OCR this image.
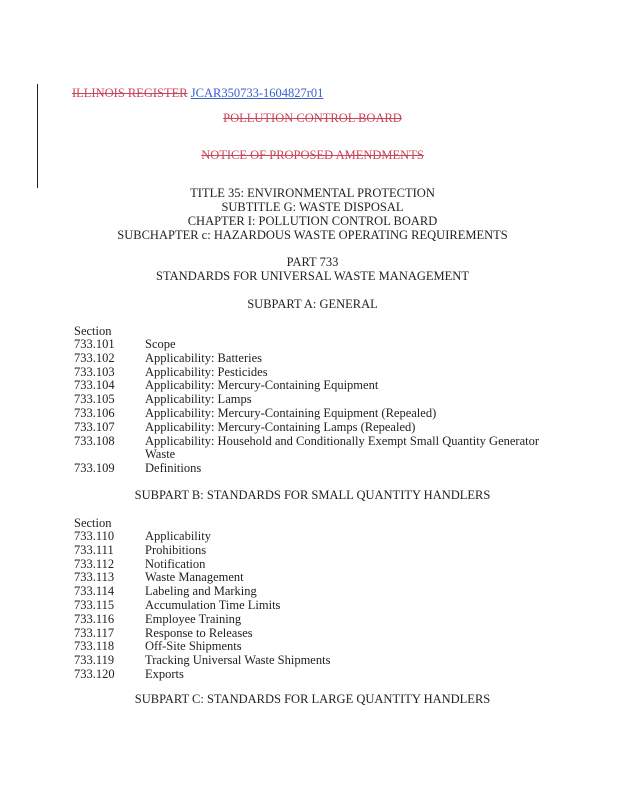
ILLINOIS REGISTER JCAR350733-1604827r01
POLLUTION CONTROL BOARD
NOTICE OF PROPOSED AMENDMENTS
TITLE 35: ENVIRONMENTAL PROTECTION
SUBTITLE G: WASTE DISPOSAL
CHAPTER I: POLLUTION CONTROL BOARD
SUBCHAPTER c: HAZARDOUS WASTE OPERATING REQUIREMENTS
PART 733
STANDARDS FOR UNIVERSAL WASTE MANAGEMENT
SUBPART A: GENERAL
Section
733.101	Scope
733.102	Applicability: Batteries
733.103	Applicability: Pesticides
733.104	Applicability: Mercury-Containing Equipment
733.105	Applicability: Lamps
733.106	Applicability: Mercury-Containing Equipment (Repealed)
733.107	Applicability: Mercury-Containing Lamps (Repealed)
733.108	Applicability: Household and Conditionally Exempt Small Quantity Generator Waste
733.109	Definitions
SUBPART B: STANDARDS FOR SMALL QUANTITY HANDLERS
Section
733.110	Applicability
733.111	Prohibitions
733.112	Notification
733.113	Waste Management
733.114	Labeling and Marking
733.115	Accumulation Time Limits
733.116	Employee Training
733.117	Response to Releases
733.118	Off-Site Shipments
733.119	Tracking Universal Waste Shipments
733.120	Exports
SUBPART C: STANDARDS FOR LARGE QUANTITY HANDLERS
